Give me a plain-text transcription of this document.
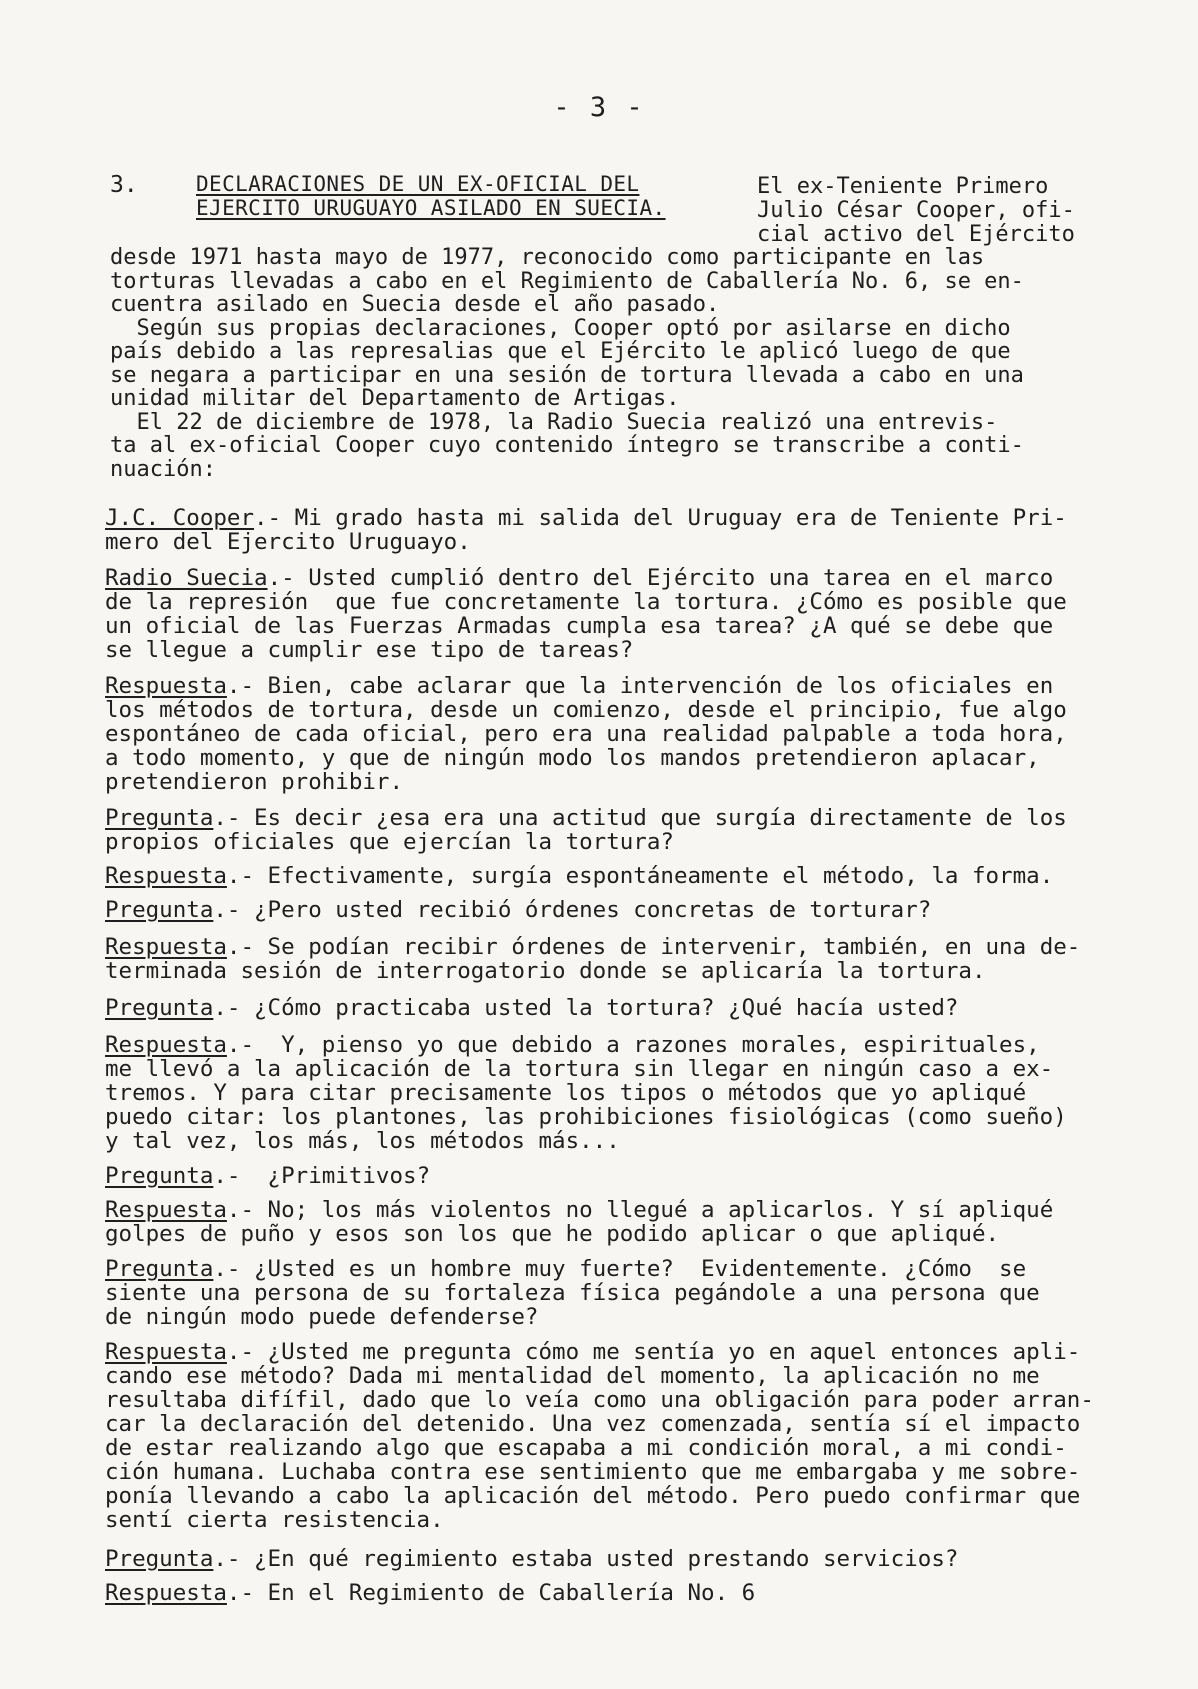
- 3 -
3.	DECLARACIONES DE UN EX-OFICIAL DEL
EJERCITO URUGUAYO ASILADO EN SUECIA.
El ex-Teniente Primero
Julio César Cooper, ofi-
cial activo del Ejército
desde 1971 hasta mayo de 1977, reconocido como participante en las
torturas llevadas a cabo en el Regimiento de Caballería No. 6, se en-
cuentra asilado en Suecia desde el año pasado.
Según sus propias declaraciones, Cooper optó por asilarse en dicho
país debido a las represalias que el Ejército le aplicó luego de que
se negara a participar en una sesión de tortura llevada a cabo en una
unidad militar del Departamento de Artigas.
El 22 de diciembre de 1978, la Radio Suecia realizó una entrevis-
ta al ex-oficial Cooper cuyo contenido íntegro se transcribe a conti-
nuación:
J.C. Cooper.- Mi grado hasta mi salida del Uruguay era de Teniente Pri-
mero del Ejercito Uruguayo.
Radio Suecia.- Usted cumplió dentro del Ejército una tarea en el marco
de la represión  que fue concretamente la tortura. ¿Cómo es posible que
un oficial de las Fuerzas Armadas cumpla esa tarea? ¿A qué se debe que
se llegue a cumplir ese tipo de tareas?
Respuesta.- Bien, cabe aclarar que la intervención de los oficiales en
los métodos de tortura, desde un comienzo, desde el principio, fue algo
espontáneo de cada oficial, pero era una realidad palpable a toda hora,
a todo momento, y que de ningún modo los mandos pretendieron aplacar,
pretendieron prohibir.
Pregunta.- Es decir ¿esa era una actitud que surgía directamente de los
propios oficiales que ejercían la tortura?
Respuesta.- Efectivamente, surgía espontáneamente el método, la forma.
Pregunta.- ¿Pero usted recibió órdenes concretas de torturar?
Respuesta.- Se podían recibir órdenes de intervenir, también, en una de-
terminada sesión de interrogatorio donde se aplicaría la tortura.
Pregunta.- ¿Cómo practicaba usted la tortura? ¿Qué hacía usted?
Respuesta.-  Y, pienso yo que debido a razones morales, espirituales,
me llevó a la aplicación de la tortura sin llegar en ningún caso a ex-
tremos. Y para citar precisamente los tipos o métodos que yo apliqué
puedo citar: los plantones, las prohibiciones fisiológicas (como sueño)
y tal vez, los más, los métodos más...
Pregunta.-  ¿Primitivos?
Respuesta.- No; los más violentos no llegué a aplicarlos. Y sí apliqué
golpes de puño y esos son los que he podido aplicar o que apliqué.
Pregunta.- ¿Usted es un hombre muy fuerte?  Evidentemente. ¿Cómo  se
siente una persona de su fortaleza física pegándole a una persona que
de ningún modo puede defenderse?
Respuesta.- ¿Usted me pregunta cómo me sentía yo en aquel entonces apli-
cando ese método? Dada mi mentalidad del momento, la aplicación no me
resultaba difífil, dado que lo veía como una obligación para poder arran-
car la declaración del detenido. Una vez comenzada, sentía sí el impacto
de estar realizando algo que escapaba a mi condición moral, a mi condi-
ción humana. Luchaba contra ese sentimiento que me embargaba y me sobre-
ponía llevando a cabo la aplicación del método. Pero puedo confirmar que
sentí cierta resistencia.
Pregunta.- ¿En qué regimiento estaba usted prestando servicios?
Respuesta.- En el Regimiento de Caballería No. 6
